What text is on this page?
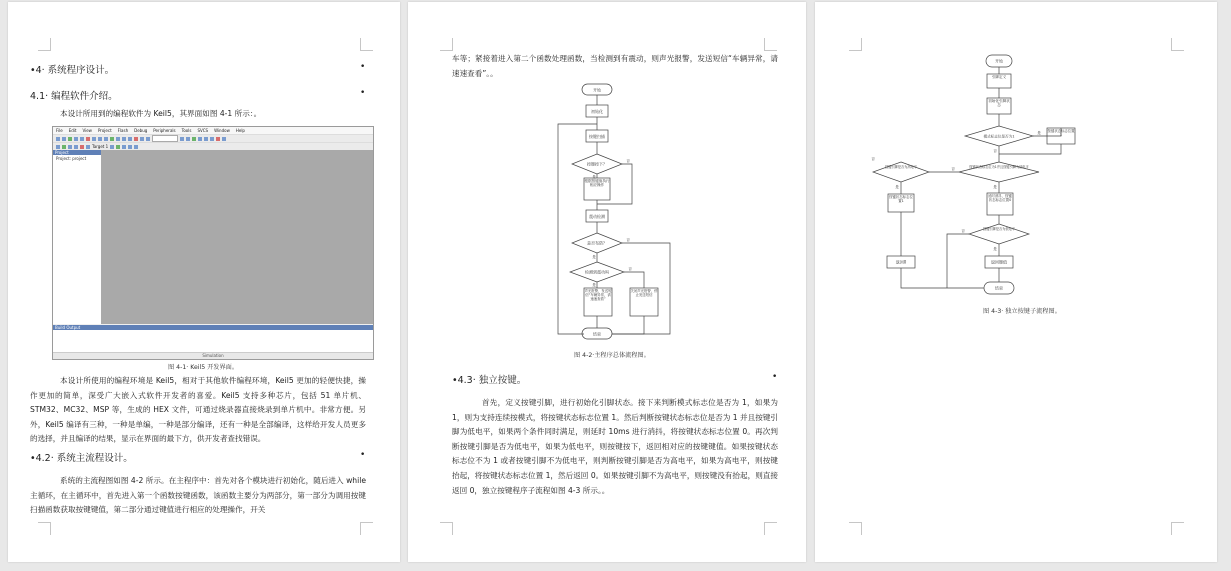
•4· 系统程序设计。	•
4.1· 编程软件介绍。	•
本设计所用到的编程软件为 Keil5，其界面如图 4-1 所示：。
File Edit View Project Flash Debug Peripherals Tools SVCS Window Help
Target 1
Project
Project: project
Build Output
Simulation
图 4-1· Keil5 开发界面。
本设计所使用的编程环境是 Keil5，相对于其他软件编程环境，Keil5 更加的轻便快捷，操作更加的简单，深受广大嵌入式软件开发者的喜爱。Keil5 支持多种芯片，包括 51 单片机、STM32、MC32、MSP 等，生成的 HEX 文件，可通过烧录器直接烧录到单片机中。非常方便。另外，Keil5 编译有三种，一种是单编，一种是部分编译，还有一种是全部编译，这样给开发人员更多的选择，并且编译的结果，显示在界面的最下方，供开发者查找错误。
•4.2· 系统主流程设计。	•
系统的主流程图如图 4-2 所示。在主程序中：首先对各个模块进行初始化，随后进入 while 主循环，在主循环中，首先进入第一个函数按键函数，该函数主要分为两部分，第一部分为调用按键扫描函数获取按键键值，第二部分通过键值进行相应的处理操作，开关
车等；紧接着进入第二个函数处理函数，当检测到有震动，则声光报警，发送短信“车辆异常，请速速查看”。。
开始
初始化
按键扫描
按键按下？
根据按键值执行相应操作
震动检测
是否布防？
检测到震动吗
声光报警，发送短信“车辆异常，请速速查看”
关闭声光报警，停止发送短信
结束
是
否
否
是
是
否
图 4-2·主程序总体流程图。
•4.3· 独立按键。	•
首先，定义按键引脚，进行初始化引脚状态。接下来判断模式标志位是否为 1，如果为 1，则为支持连续按模式，将按键状态标志位置 1。然后判断按键状态标志位是否为 1 并且按键引脚为低电平，如果两个条件同时满足，则延时 10ms 进行消抖，将按键状态标志位置 0。再次判断按键引脚是否为低电平，如果为低电平，则按键按下，返回相对应的按键键值。如果按键状态标志位不为 1 或者按键引脚不为低电平，则判断按键引脚是否为高电平，如果为高电平，则按键抬起，将按键状态标志位置 1，然后返回 0。如果按键引脚不为高电平，则按键没有抬起，则直接返回 0，独立按键程序子流程如图 4-3 所示。。
开始
引脚定义
初始化引脚状态
模式标志位是否为1
按键状态标志位置1
按键状态标志位为1并且按键引脚为低电平
按键引脚是否为高电平
延时消抖，按键状态标志位置0
按键状态标志位置1
按键引脚是否为低电平
返回0	返回键值
结束
是
否
否
是
是
否
是
否
图 4-3· 独立按键子流程图。
